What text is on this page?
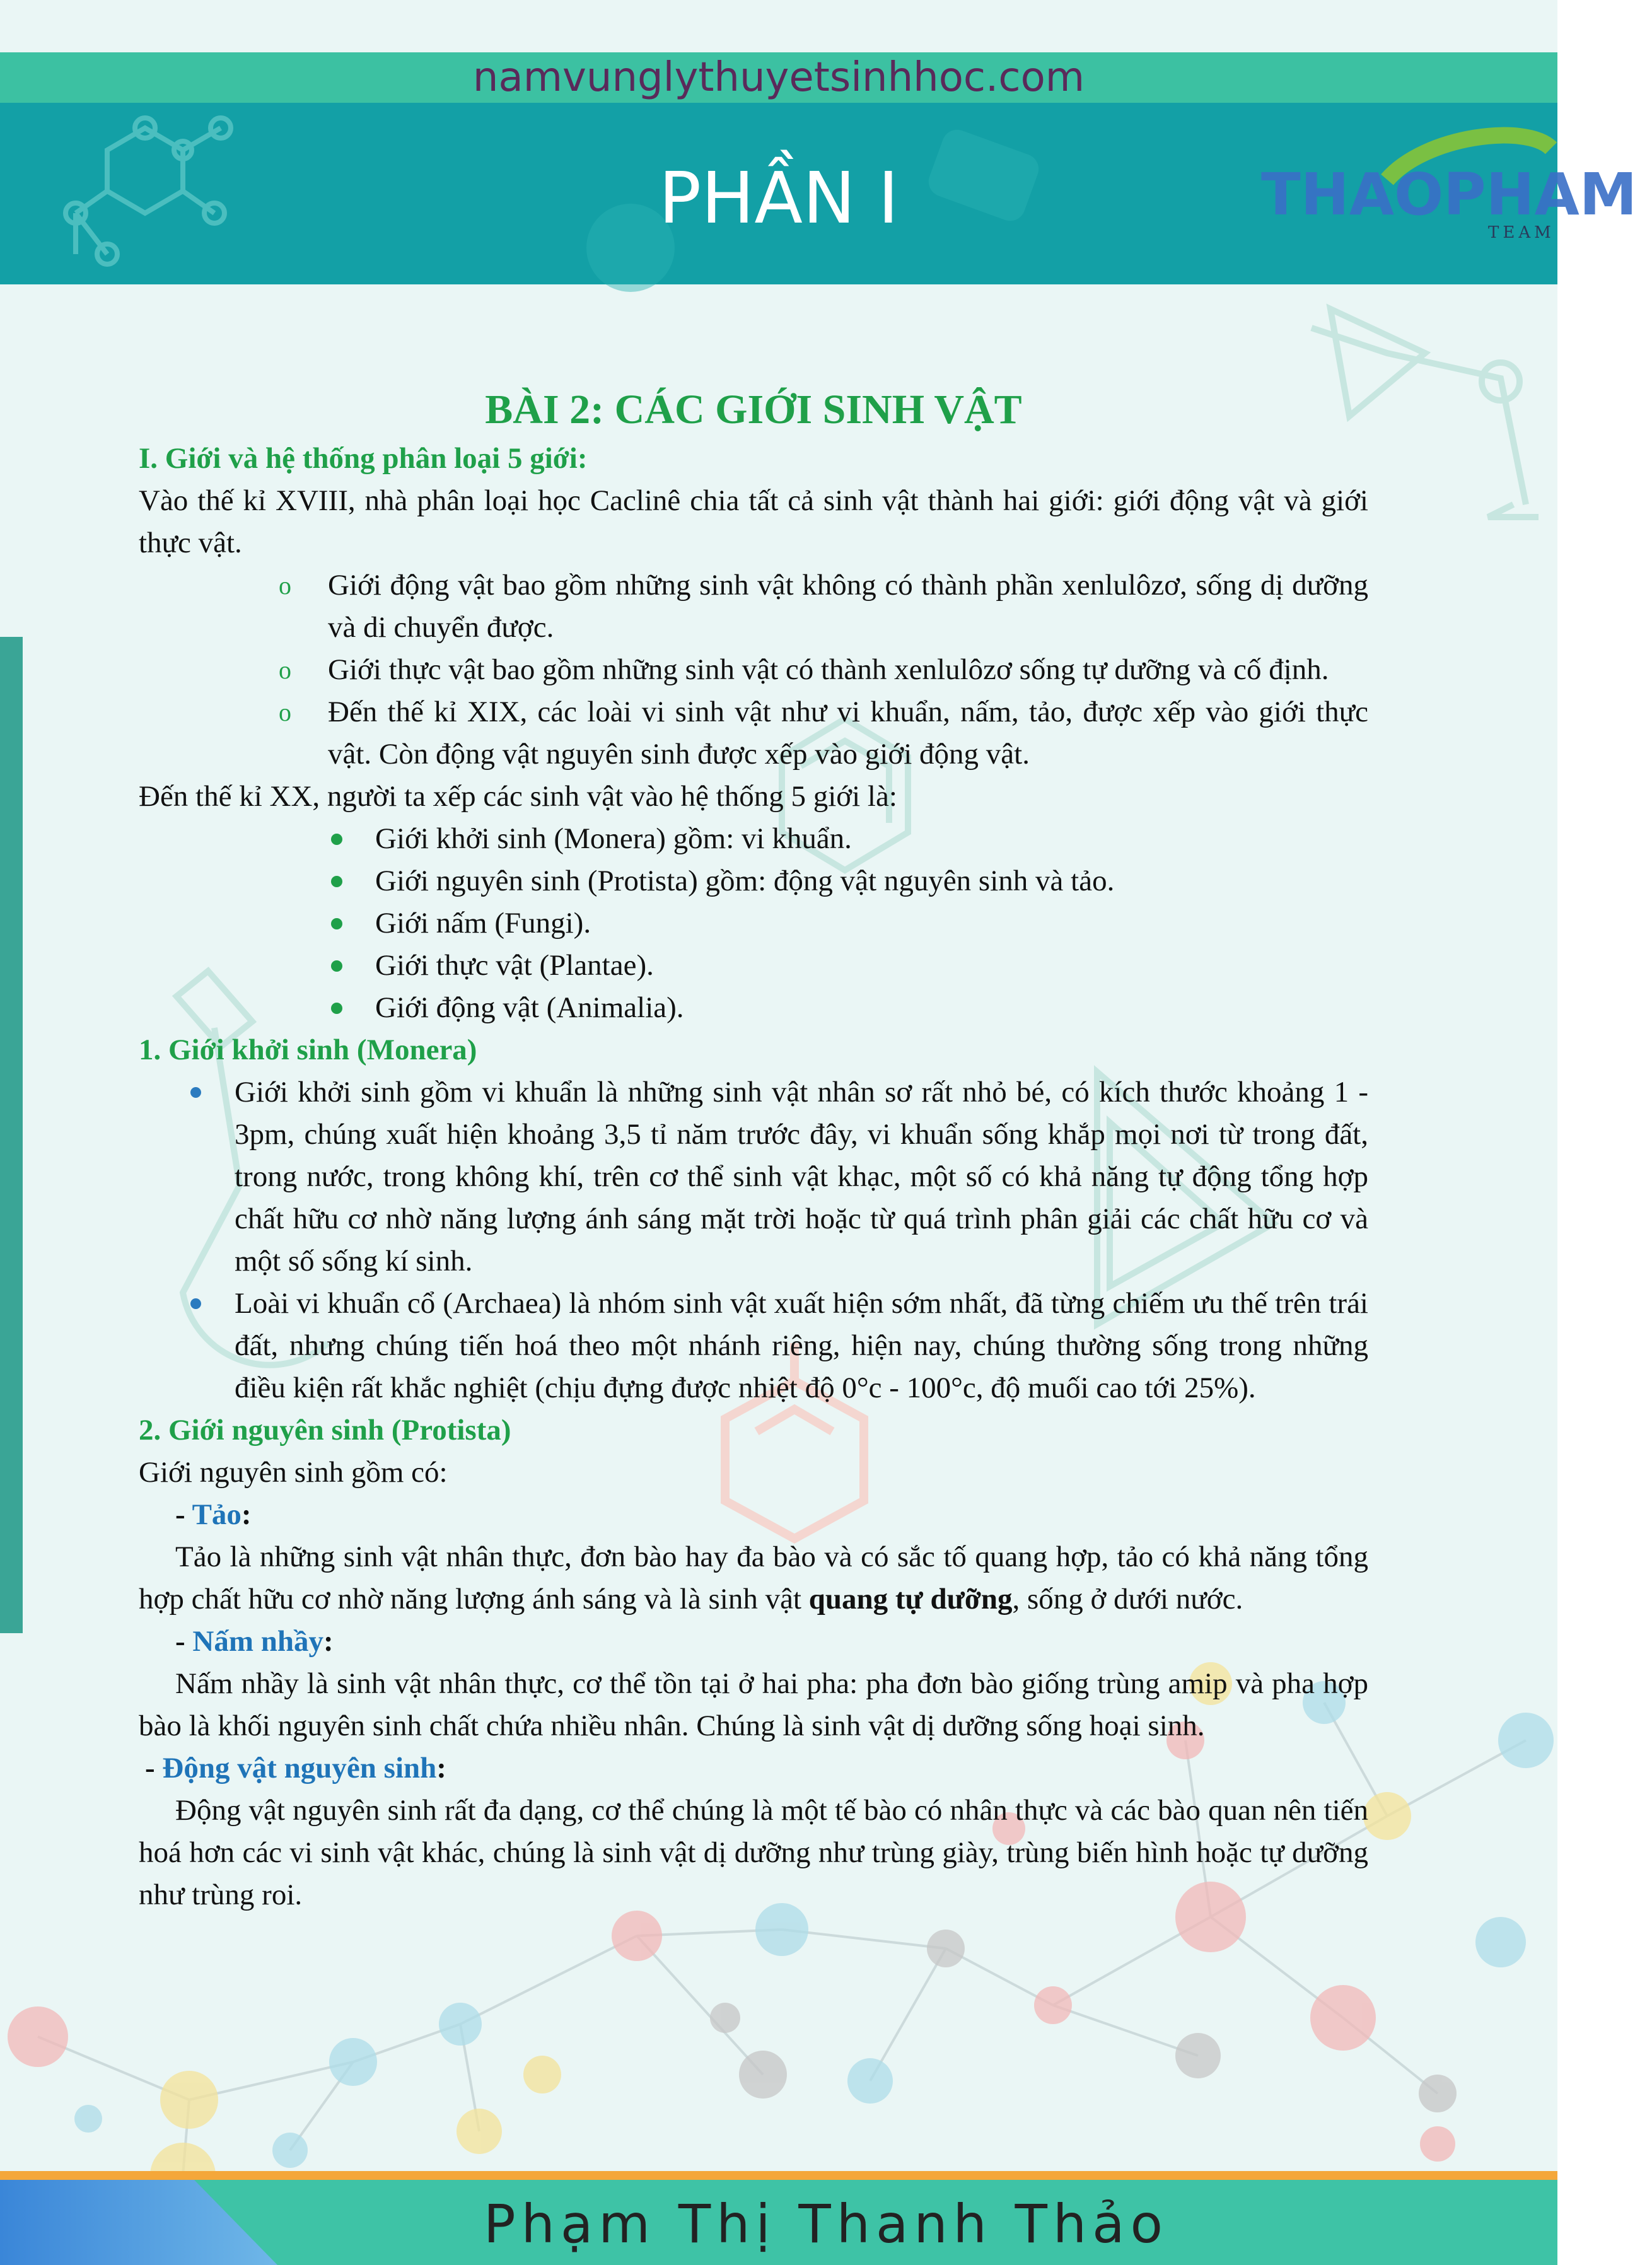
namvunglythuyetsinhhoc.com
PHẦN I	THAOPHAM
TEAM

BÀI 2: CÁC GIỚI SINH VẬT

I. Giới và hệ thống phân loại 5 giới:

Vào thế kỉ XVIII, nhà phân loại học Caclinê chia tất cả sinh vật thành hai giới: giới động vật và giới thực vật.

o Giới động vật bao gồm những sinh vật không có thành phần xenlulôzơ, sống dị dưỡng và di chuyển được.
o Giới thực vật bao gồm những sinh vật có thành xenlulôzơ sống tự dưỡng và cố định.
o Đến thế kỉ XIX, các loài vi sinh vật như vi khuẩn, nấm, tảo, được xếp vào giới thực vật. Còn động vật nguyên sinh được xếp vào giới động vật.

Đến thế kỉ XX, người ta xếp các sinh vật vào hệ thống 5 giới là:

Giới khởi sinh (Monera) gồm: vi khuẩn.
Giới nguyên sinh (Protista) gồm: động vật nguyên sinh và tảo.
Giới nấm (Fungi).
Giới thực vật (Plantae).
Giới động vật (Animalia).

1. Giới khởi sinh (Monera)

Giới khởi sinh gồm vi khuẩn là những sinh vật nhân sơ rất nhỏ bé, có kích thước khoảng 1 - 3pm, chúng xuất hiện khoảng 3,5 tỉ năm trước đây, vi khuẩn sống khắp mọi nơi từ trong đất, trong nước, trong không khí, trên cơ thể sinh vật khạc, một số có khả năng tự động tổng hợp chất hữu cơ nhờ năng lượng ánh sáng mặt trời hoặc từ quá trình phân giải các chất hữu cơ và một số sống kí sinh.
Loài vi khuẩn cổ (Archaea) là nhóm sinh vật xuất hiện sớm nhất, đã từng chiếm ưu thế trên trái đất, nhưng chúng tiến hoá theo một nhánh riêng, hiện nay, chúng thường sống trong những điều kiện rất khắc nghiệt (chịu đựng được nhiệt độ 0°c - 100°c, độ muối cao tới 25%).

2. Giới nguyên sinh (Protista)

Giới nguyên sinh gồm có:

- Tảo:

Tảo là những sinh vật nhân thực, đơn bào hay đa bào và có sắc tố quang hợp, tảo có khả năng tổng hợp chất hữu cơ nhờ năng lượng ánh sáng và là sinh vật quang tự dưỡng, sống ở dưới nước.

- Nấm nhầy:

Nấm nhầy là sinh vật nhân thực, cơ thể tồn tại ở hai pha: pha đơn bào giống trùng amip và pha hợp bào là khối nguyên sinh chất chứa nhiều nhân. Chúng là sinh vật dị dưỡng sống hoại sinh.

- Động vật nguyên sinh:

Động vật nguyên sinh rất đa dạng, cơ thể chúng là một tế bào có nhân thực và các bào quan nên tiến hoá hơn các vi sinh vật khác, chúng là sinh vật dị dưỡng như trùng giày, trùng biến hình hoặc tự dưỡng như trùng roi.

Phạm Thị Thanh Thảo
